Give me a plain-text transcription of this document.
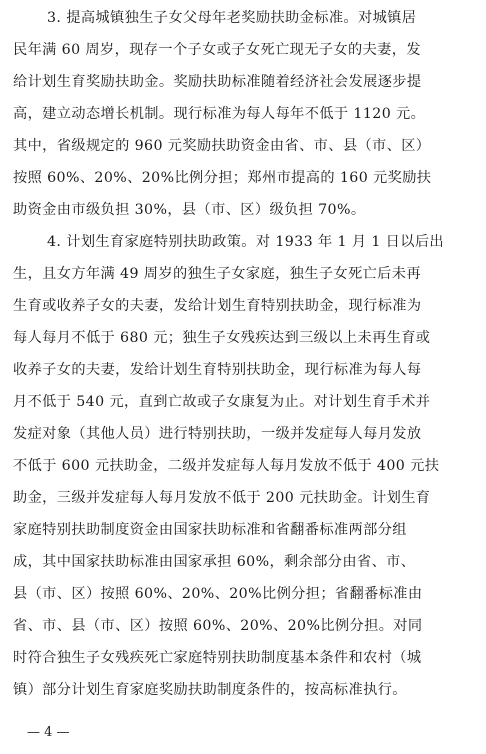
3. 提高城镇独生子女父母年老奖励扶助金标准。对城镇居
民年满 60 周岁，现存一个子女或子女死亡现无子女的夫妻，发
给计划生育奖励扶助金。奖励扶助标准随着经济社会发展逐步提
高，建立动态增长机制。现行标准为每人每年不低于 1120 元。
其中，省级规定的 960 元奖励扶助资金由省、市、县（市、区）
按照 60%、20%、20%比例分担；郑州市提高的 160 元奖励扶
助资金由市级负担 30%，县（市、区）级负担 70%。
4. 计划生育家庭特别扶助政策。对 1933 年 1 月 1 日以后出
生，且女方年满 49 周岁的独生子女家庭，独生子女死亡后未再
生育或收养子女的夫妻，发给计划生育特别扶助金，现行标准为
每人每月不低于 680 元；独生子女残疾达到三级以上未再生育或
收养子女的夫妻，发给计划生育特别扶助金，现行标准为每人每
月不低于 540 元，直到亡故或子女康复为止。对计划生育手术并
发症对象（其他人员）进行特别扶助，一级并发症每人每月发放
不低于 600 元扶助金，二级并发症每人每月发放不低于 400 元扶
助金，三级并发症每人每月发放不低于 200 元扶助金。计划生育
家庭特别扶助制度资金由国家扶助标准和省翻番标准两部分组
成，其中国家扶助标准由国家承担 60%，剩余部分由省、市、
县（市、区）按照 60%、20%、20%比例分担；省翻番标准由
省、市、县（市、区）按照 60%、20%、20%比例分担。对同
时符合独生子女残疾死亡家庭特别扶助制度基本条件和农村（城
镇）部分计划生育家庭奖励扶助制度条件的，按高标准执行。
— 4 —
